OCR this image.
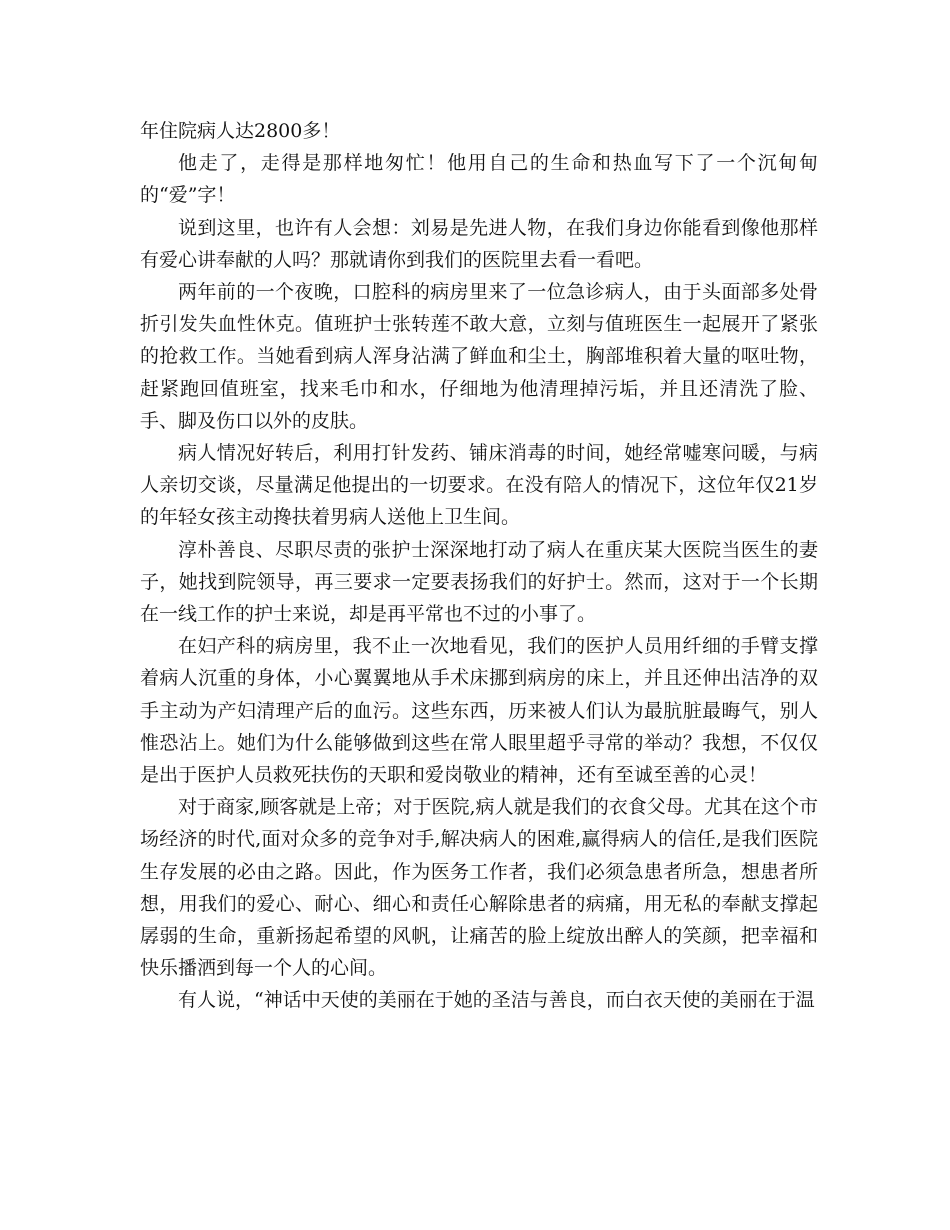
年住院病人达2800多！

他走了，走得是那样地匆忙！他用自己的生命和热血写下了一个沉甸甸的“爱”字！

说到这里，也许有人会想：刘易是先进人物，在我们身边你能看到像他那样有爱心讲奉献的人吗？那就请你到我们的医院里去看一看吧。

两年前的一个夜晚，口腔科的病房里来了一位急诊病人，由于头面部多处骨折引发失血性休克。值班护士张转莲不敢大意，立刻与值班医生一起展开了紧张的抢救工作。当她看到病人浑身沾满了鲜血和尘土，胸部堆积着大量的呕吐物，赶紧跑回值班室，找来毛巾和水，仔细地为他清理掉污垢，并且还清洗了脸、手、脚及伤口以外的皮肤。

病人情况好转后，利用打针发药、铺床消毒的时间，她经常嘘寒问暖，与病人亲切交谈，尽量满足他提出的一切要求。在没有陪人的情况下，这位年仅21岁的年轻女孩主动搀扶着男病人送他上卫生间。

淳朴善良、尽职尽责的张护士深深地打动了病人在重庆某大医院当医生的妻子，她找到院领导，再三要求一定要表扬我们的好护士。然而，这对于一个长期在一线工作的护士来说，却是再平常也不过的小事了。

在妇产科的病房里，我不止一次地看见，我们的医护人员用纤细的手臂支撑着病人沉重的身体，小心翼翼地从手术床挪到病房的床上，并且还伸出洁净的双手主动为产妇清理产后的血污。这些东西，历来被人们认为最肮脏最晦气，别人惟恐沾上。她们为什么能够做到这些在常人眼里超乎寻常的举动？我想，不仅仅是出于医护人员救死扶伤的天职和爱岗敬业的精神，还有至诚至善的心灵！

对于商家,顾客就是上帝；对于医院,病人就是我们的衣食父母。尤其在这个市场经济的时代,面对众多的竞争对手,解决病人的困难,赢得病人的信任,是我们医院生存发展的必由之路。因此，作为医务工作者，我们必须急患者所急，想患者所想，用我们的爱心、耐心、细心和责任心解除患者的病痛，用无私的奉献支撑起孱弱的生命，重新扬起希望的风帆，让痛苦的脸上绽放出醉人的笑颜，把幸福和快乐播洒到每一个人的心间。

有人说，“神话中天使的美丽在于她的圣洁与善良，而白衣天使的美丽在于温
